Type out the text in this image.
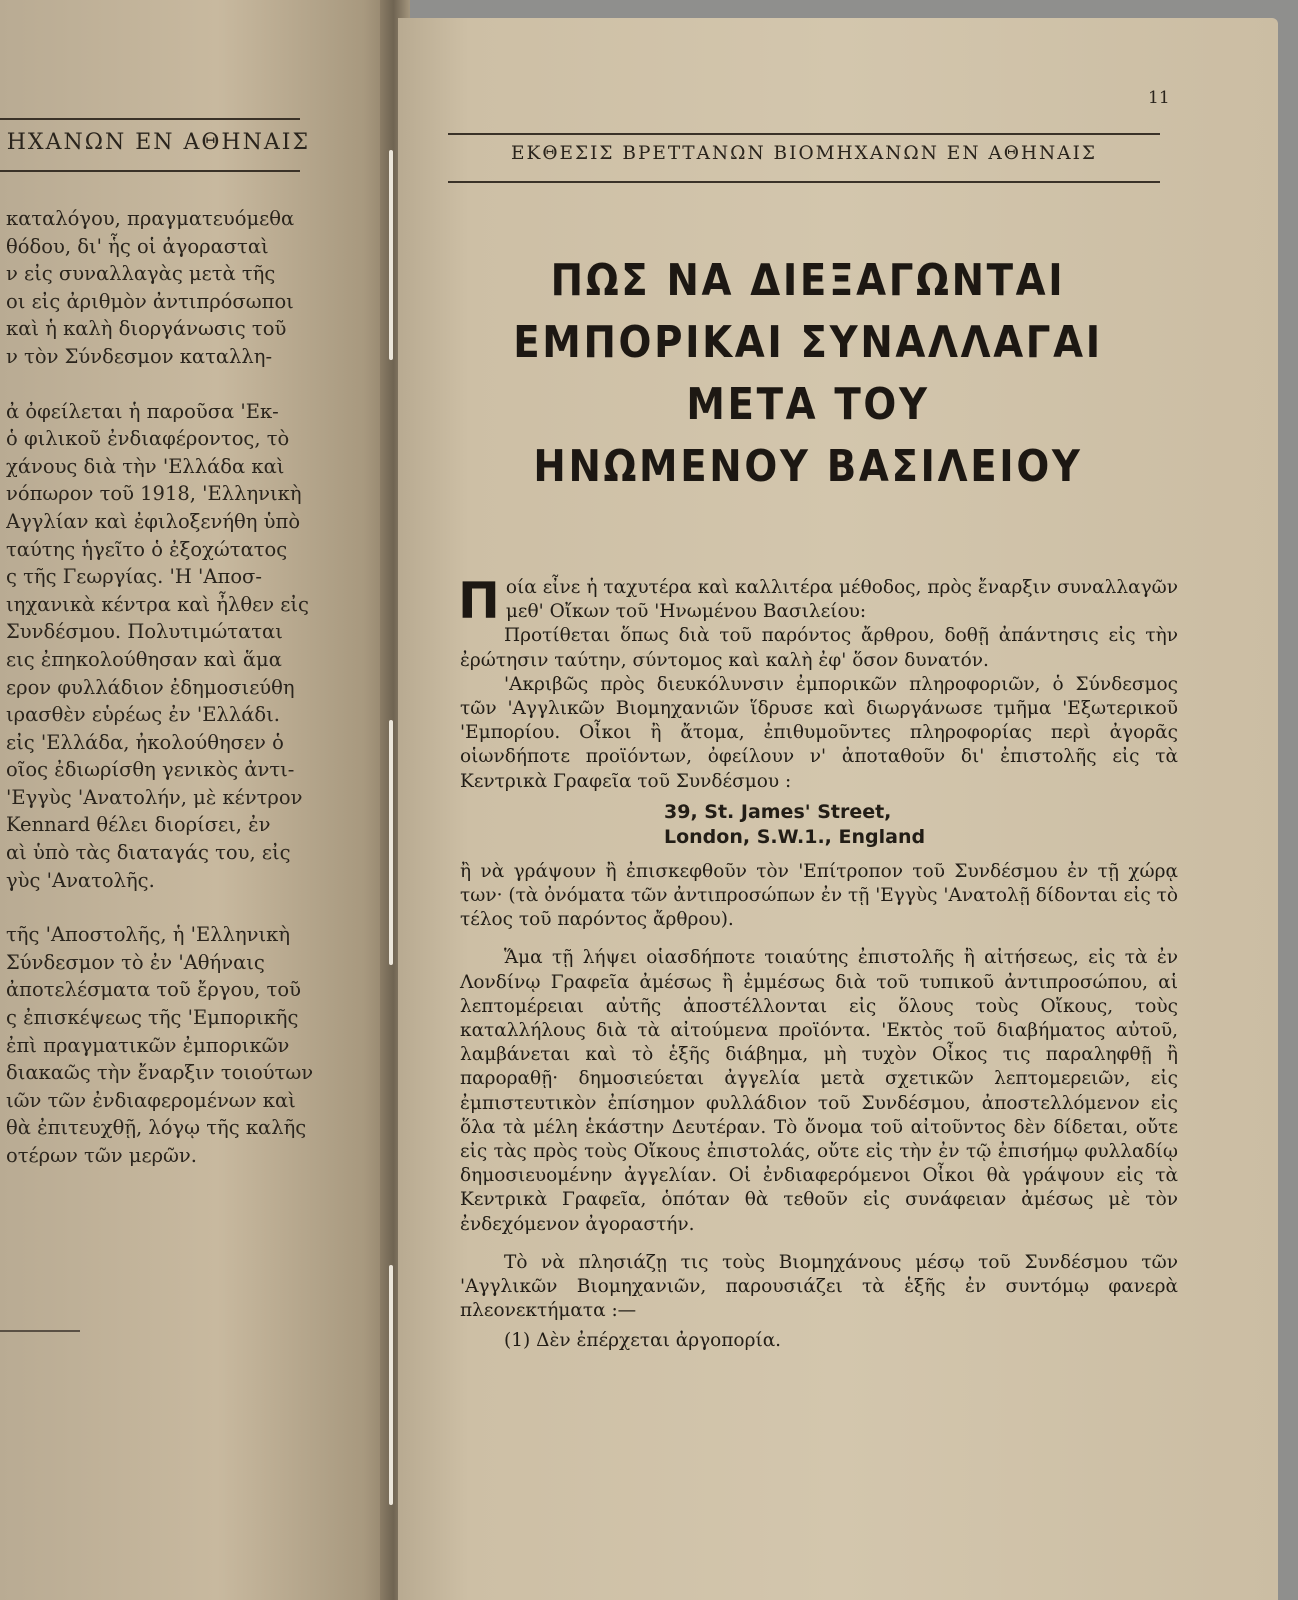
ΗΧΑΝΩΝ ΕΝ ΑΘΗΝΑΙΣ
καταλόγου, πραγματευόμεθα
θόδου, δι' ἧς οἱ ἀγορασταὶ
ν εἰς συναλλαγὰς μετὰ τῆς
οι εἰς ἀριθμὸν ἀντιπρόσωποι
καὶ ἡ καλὴ διοργάνωσις τοῦ
ν τὸν Σύνδεσμον καταλλη-
ἀ ὀφείλεται ἡ παροῦσα 'Εκ-
ὁ φιλικοῦ ἐνδιαφέροντος, τὸ
χάνους διὰ τὴν 'Ελλάδα καὶ
νόπωρον τοῦ 1918, 'Ελληνικὴ
Αγγλίαν καὶ ἐφιλοξενήθη ὑπὸ
ταύτης ἡγεῖτο ὁ ἐξοχώτατος
ς τῆς Γεωργίας. 'Η 'Αποσ-
ιηχανικὰ κέντρα καὶ ἦλθεν εἰς
Συνδέσμου. Πολυτιμώταται
εις ἐπηκολούθησαν καὶ ἅμα
ερον φυλλάδιον ἐδημοσιεύθη
ιρασθὲν εὑρέως ἐν 'Ελλάδι.
εἰς 'Ελλάδα, ἠκολούθησεν ὁ
οῖος ἐδιωρίσθη γενικὸς ἀντι-
'Εγγὺς 'Ανατολήν, μὲ κέντρον
Kennard θέλει διορίσει, ἐν
αὶ ὑπὸ τὰς διαταγάς του, εἰς
γὺς 'Ανατολῆς.
τῆς 'Αποστολῆς, ἡ 'Ελληνικὴ
Σύνδεσμον τὸ ἐν 'Αθήναις
ἀποτελέσματα τοῦ ἔργου, τοῦ
ς ἐπισκέψεως τῆς 'Εμπορικῆς
ἐπὶ πραγματικῶν ἐμπορικῶν
διακαῶς τὴν ἔναρξιν τοιούτων
ιῶν τῶν ἐνδιαφερομένων καὶ
θὰ ἐπιτευχθῇ, λόγῳ τῆς καλῆς
οτέρων τῶν μερῶν.
11
ΕΚΘΕΣΙΣ ΒΡΕΤΤΑΝΩΝ ΒΙΟΜΗΧΑΝΩΝ ΕΝ ΑΘΗΝΑΙΣ
ΠΩΣ ΝΑ ΔΙΕΞΑΓΩΝΤΑΙ
ΕΜΠΟΡΙΚΑΙ ΣΥΝΑΛΛΑΓΑΙ
ΜΕΤΑ ΤΟΥ
ΗΝΩΜΕΝΟΥ ΒΑΣΙΛΕΙΟΥ

Ποία εἶνε ἡ ταχυτέρα καὶ καλλιτέρα μέθοδος, πρὸς ἔναρξιν συναλλαγῶν μεθ' Οἴκων τοῦ 'Ηνωμένου Βασιλείου:

Προτίθεται ὅπως διὰ τοῦ παρόντος ἄρθρου, δοθῇ ἀπάντησις εἰς τὴν ἐρώτησιν ταύτην, σύντομος καὶ καλὴ ἐφ' ὅσον δυνατόν.

'Ακριβῶς πρὸς διευκόλυνσιν ἐμπορικῶν πληροφοριῶν, ὁ Σύνδεσμος τῶν 'Αγγλικῶν Βιομηχανιῶν ἵδρυσε καὶ διωργάνωσε τμῆμα 'Εξωτερικοῦ 'Εμπορίου. Οἶκοι ἢ ἄτομα, ἐπιθυμοῦντες πληροφορίας περὶ ἀγορᾶς οἱωνδήποτε προϊόντων, ὀφείλουν ν' ἀποταθοῦν δι' ἐπιστολῆς εἰς τὰ Κεντρικὰ Γραφεῖα τοῦ Συνδέσμου :

39, St. James' Street,
London, S.W.1., England

ἢ νὰ γράψουν ἢ ἐπισκεφθοῦν τὸν 'Επίτροπον τοῦ Συνδέσμου ἐν τῇ χώρᾳ των· (τὰ ὀνόματα τῶν ἀντιπροσώπων ἐν τῇ 'Εγγὺς 'Ανατολῇ δίδονται εἰς τὸ τέλος τοῦ παρόντος ἄρθρου).

Ἅμα τῇ λήψει οἱασδήποτε τοιαύτης ἐπιστολῆς ἢ αἰτήσεως, εἰς τὰ ἐν Λονδίνῳ Γραφεῖα ἀμέσως ἢ ἐμμέσως διὰ τοῦ τυπικοῦ ἀντιπροσώπου, αἱ λεπτομέρειαι αὐτῆς ἀποστέλλονται εἰς ὅλους τοὺς Οἴκους, τοὺς καταλλήλους διὰ τὰ αἰτούμενα προϊόντα. 'Εκτὸς τοῦ διαβήματος αὐτοῦ, λαμβάνεται καὶ τὸ ἑξῆς διάβημα, μὴ τυχὸν Οἶκος τις παραληφθῇ ἢ παροραθῇ· δημοσιεύεται ἀγγελία μετὰ σχετικῶν λεπτομερειῶν, εἰς ἐμπιστευτικὸν ἐπίσημον φυλλάδιον τοῦ Συνδέσμου, ἀποστελλόμενον εἰς ὅλα τὰ μέλη ἑκάστην Δευτέραν. Τὸ ὄνομα τοῦ αἰτοῦντος δὲν δίδεται, οὔτε εἰς τὰς πρὸς τοὺς Οἴκους ἐπιστολάς, οὔτε εἰς τὴν ἐν τῷ ἐπισήμῳ φυλλαδίῳ δημοσιευομένην ἀγγελίαν. Οἱ ἐνδιαφερόμενοι Οἶκοι θὰ γράψουν εἰς τὰ Κεντρικὰ Γραφεῖα, ὁπόταν θὰ τεθοῦν εἰς συνάφειαν ἀμέσως μὲ τὸν ἐνδεχόμενον ἀγοραστήν.

Τὸ νὰ πλησιάζῃ τις τοὺς Βιομηχάνους μέσῳ τοῦ Συνδέσμου τῶν 'Αγγλικῶν Βιομηχανιῶν, παρουσιάζει τὰ ἑξῆς ἐν συντόμῳ φανερὰ πλεονεκτήματα :—

(1) Δὲν ἐπέρχεται ἀργοπορία.
